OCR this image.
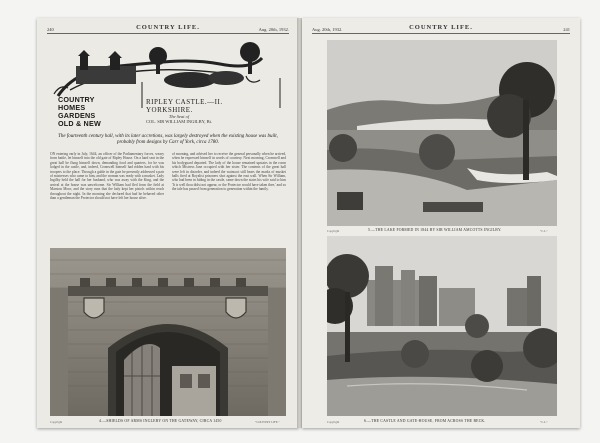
240	COUNTRY LIFE.	Aug. 20th, 1932.
COUNTRY
HOMES
GARDENS
OLD & NEW
RIPLEY CASTLE.—II.
YORKSHIRE.
The Seat of
COL. SIR WILLIAM INGILBY, Bt.
The fourteenth century hall, with its later accretions, was largely destroyed when the existing house was built, probably from designs by Carr of York, circa 1780.
ON entering early in July, 1644, an officer of the Parliamentary forces, weary from battle, let himself into the old gate of Ripley House. On a hard seat in the great hall he flung himself down, demanding food and quarters, for he was lodged in the castle, and, indeed, Cromwell himself had ridden hard with his troopers to the place. Through a gable in the gate he presently addressed a pair of mistresses who came to him, and the woman was ready with a musket. Lady Ingilby held the hall for her husband, who was away with the King, and the arrival at the house was unwelcome. Sir William had fled from the field at Marston Moor, and the story runs that the lady kept her pistols within reach throughout the night. In the morning she declared that had he behaved other than a gentleman the Protector should not have left her house alive.
of morning, and advised her to receive the general personally when he arrived, when he expressed himself in words of courtesy. Next morning, Cromwell and his bodyguard departed. The lady of the house remained upstairs in the room which Mistress Jane occupied with her sister. The contents of the great hall were left in disorder, and indeed the wainscot still bears the marks of musket balls fired at Royalist prisoners shot against the east wall. When Sir William, who had been in hiding in the castle, came down the stairs his wife said to him 'It is well thou didst not appear, or the Protector would have taken thee,' and so the tale has passed from generation to generation within the family.
4.—SHIELDS OF ARMS INGLEBY ON THE GATEWAY, CIRCA 1450
Copyright	"COUNTRY LIFE."
Aug. 20th, 1932.	COUNTRY LIFE.	241
5.—THE LAKE FORMED IN 1844 BY SIR WILLIAM AMCOTTS INGILBY.
Copyright	"C.L."
6.—THE CASTLE AND GATE-HOUSE, FROM ACROSS THE BECK.
Copyright	"C.L."
